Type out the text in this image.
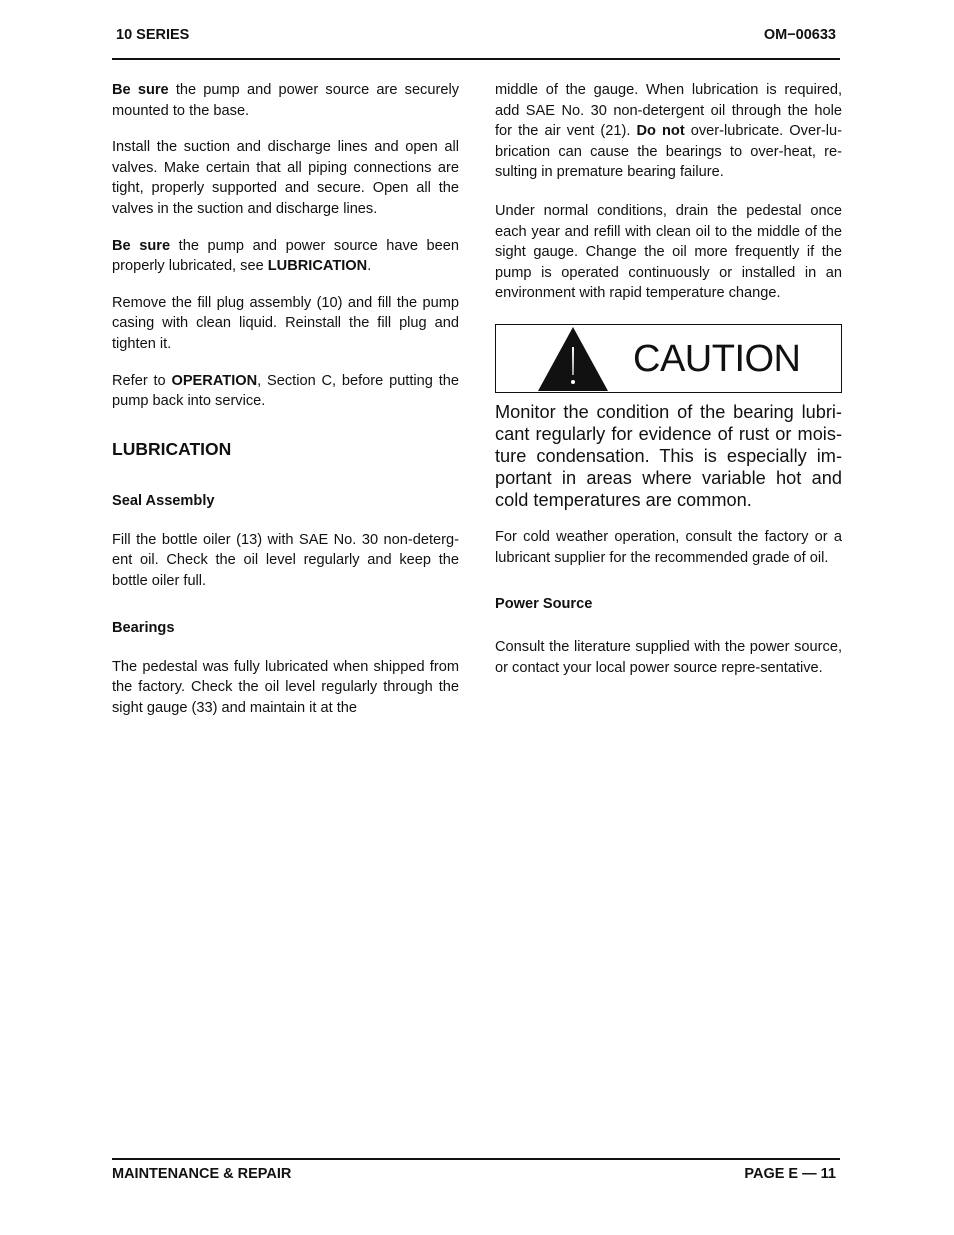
10 SERIES	OM−00633

Be sure the pump and power source are securely mounted to the base.

Install the suction and discharge lines and open all valves. Make certain that all piping connections are tight, properly supported and secure. Open all the valves in the suction and discharge lines.

Be sure the pump and power source have been properly lubricated, see LUBRICATION.

Remove the fill plug assembly (10) and fill the pump casing with clean liquid. Reinstall the fill plug and tighten it.

Refer to OPERATION, Section C, before putting the pump back into service.

LUBRICATION
Seal Assembly

Fill the bottle oiler (13) with SAE No. 30 non-deterg-ent oil. Check the oil level regularly and keep the bottle oiler full.

Bearings

The pedestal was fully lubricated when shipped from the factory. Check the oil level regularly through the sight gauge (33) and maintain it at the

middle of the gauge. When lubrication is required, add SAE No. 30 non-detergent oil through the hole for the air vent (21). Do not over-lubricate. Over-lu-brication can cause the bearings to over-heat, re-sulting in premature bearing failure.

Under normal conditions, drain the pedestal once each year and refill with clean oil to the middle of the sight gauge. Change the oil more frequently if the pump is operated continuously or installed in an environment with rapid temperature change.

CAUTION

Monitor the condition of the bearing lubri-cant regularly for evidence of rust or mois-ture condensation. This is especially im-portant in areas where variable hot and cold temperatures are common.

For cold weather operation, consult the factory or a lubricant supplier for the recommended grade of oil.

Power Source

Consult the literature supplied with the power source, or contact your local power source repre-sentative.

MAINTENANCE & REPAIR	PAGE E — 11
